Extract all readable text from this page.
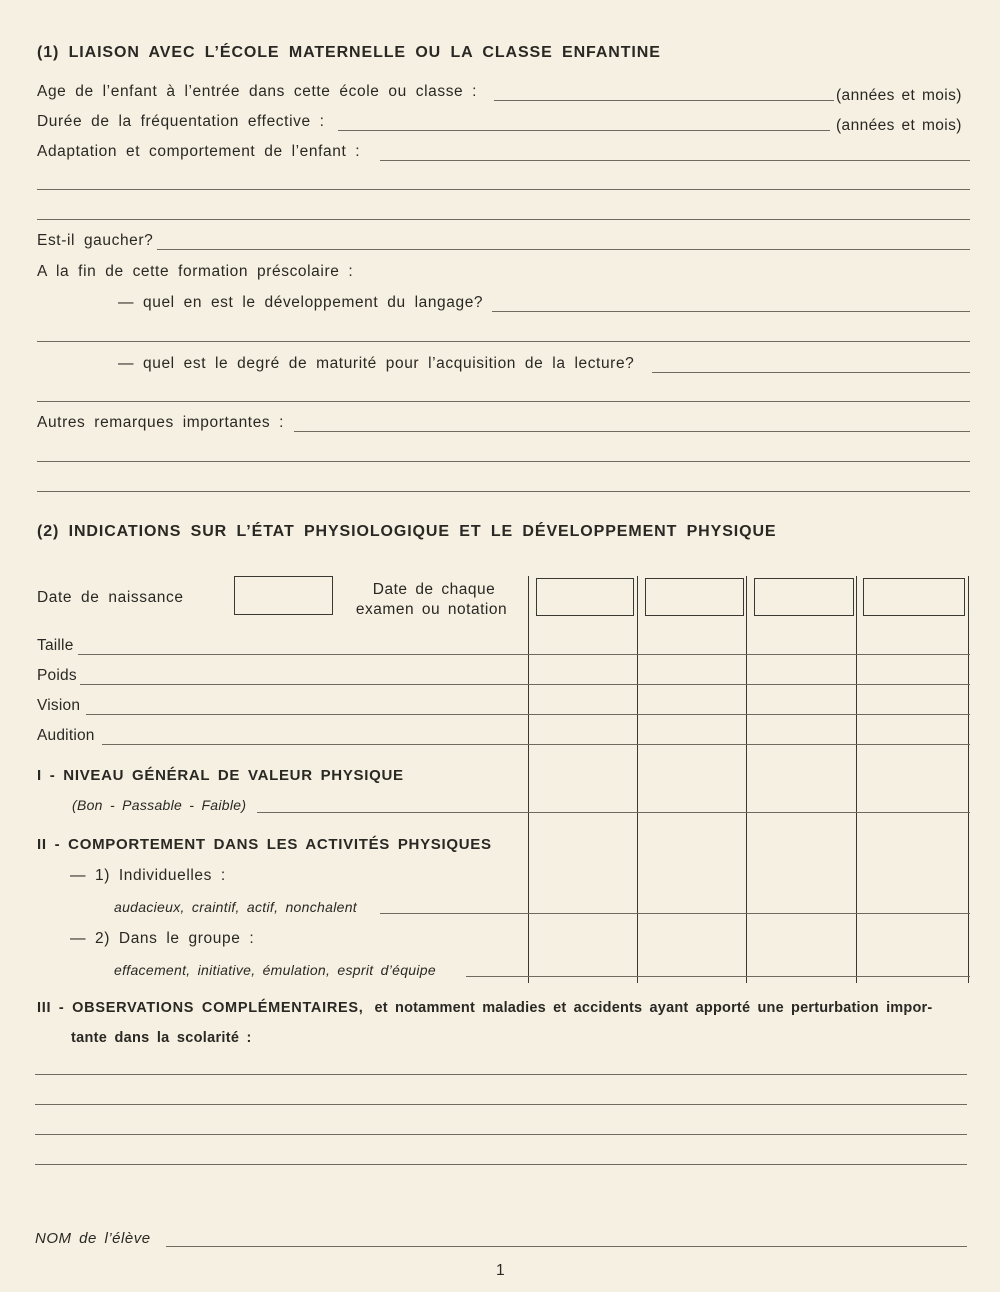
(1) LIAISON AVEC L’ÉCOLE MATERNELLE OU LA CLASSE ENFANTINE
Age de l’enfant à l’entrée dans cette école ou classe :	(années et mois)
Durée de la fréquentation effective :	(années et mois)
Adaptation et comportement de l’enfant :
Est-il gaucher?
A la fin de cette formation préscolaire :
— quel en est le développement du langage?
— quel est le degré de maturité pour l’acquisition de la lecture?
Autres remarques importantes :
(2) INDICATIONS SUR L’ÉTAT PHYSIOLOGIQUE ET LE DÉVELOPPEMENT PHYSIQUE
Date de naissance	Date de chaque
examen ou notation
Taille
Poids
Vision
Audition
I - NIVEAU GÉNÉRAL DE VALEUR PHYSIQUE
(Bon - Passable - Faible)
II - COMPORTEMENT DANS LES ACTIVITÉS PHYSIQUES
— 1) Individuelles :
audacieux, craintif, actif, nonchalent
— 2) Dans le groupe :
effacement, initiative, émulation, esprit d’équipe
III - OBSERVATIONS COMPLÉMENTAIRES, et notamment maladies et accidents ayant apporté une perturbation impor-
tante dans la scolarité :
NOM de l’élève
1
